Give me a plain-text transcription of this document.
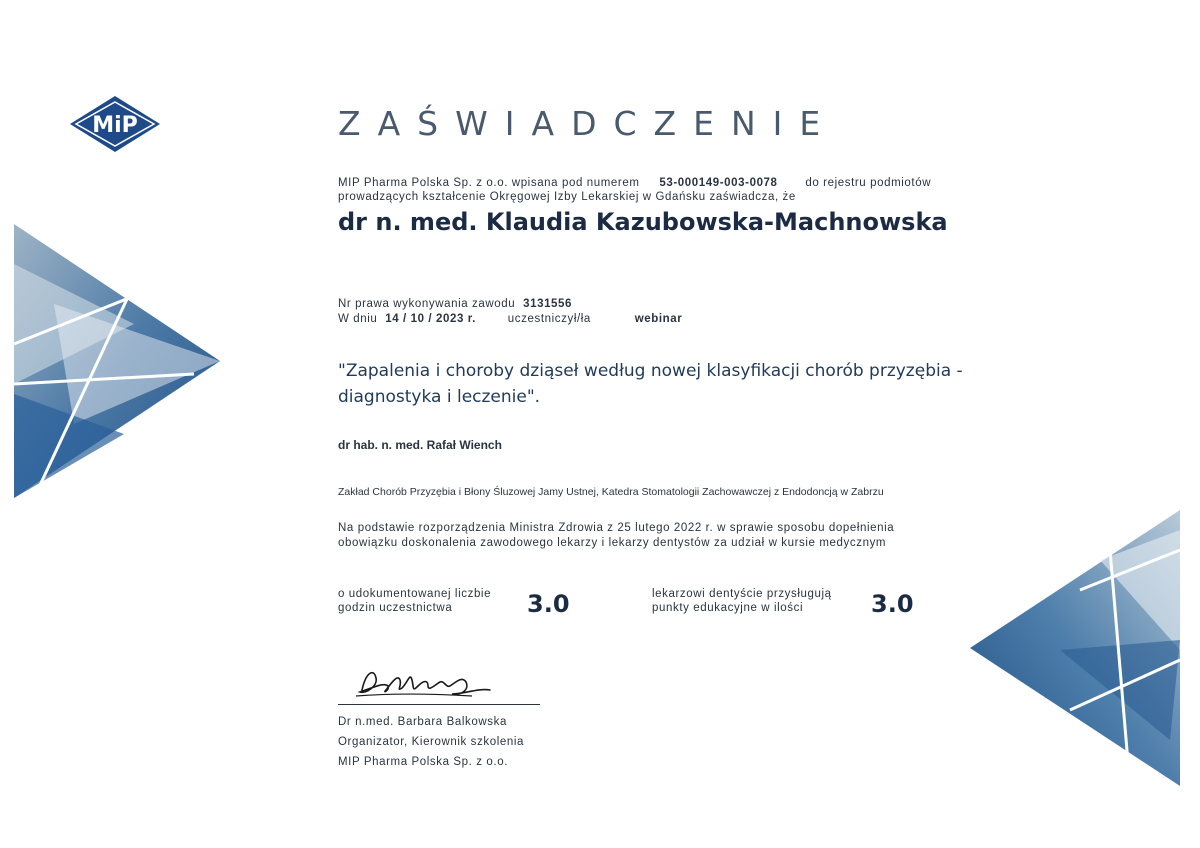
MiP	ZAŚWIADCZENIE
MIP Pharma Polska Sp. z o.o. wpisana pod numerem 53-000149-003-0078 do rejestru podmiotów
prowadzących kształcenie Okręgowej Izby Lekarskiej w Gdańsku zaświadcza, że
dr n. med. Klaudia Kazubowska-Machnowska
Nr prawa wykonywania zawodu 3131556
W dniu 14 / 10 / 2023 r.	uczestniczył/ła	webinar
"Zapalenia i choroby dziąseł według nowej klasyfikacji chorób przyzębia - diagnostyka i leczenie".
dr hab. n. med. Rafał Wiench
Zakład Chorób Przyzębia i Błony Śluzowej Jamy Ustnej, Katedra Stomatologii Zachowawczej z Endodoncją w Zabrzu
Na podstawie rozporządzenia Ministra Zdrowia z 25 lutego 2022 r. w sprawie sposobu dopełnienia
obowiązku doskonalenia zawodowego lekarzy i lekarzy dentystów za udział w kursie medycznym
o udokumentowanej liczbie
godzin uczestnictwa	3.0	lekarzowi dentyście przysługują
punkty edukacyjne w ilości	3.0
Dr n.med. Barbara Balkowska
Organizator, Kierownik szkolenia
MIP Pharma Polska Sp. z o.o.
